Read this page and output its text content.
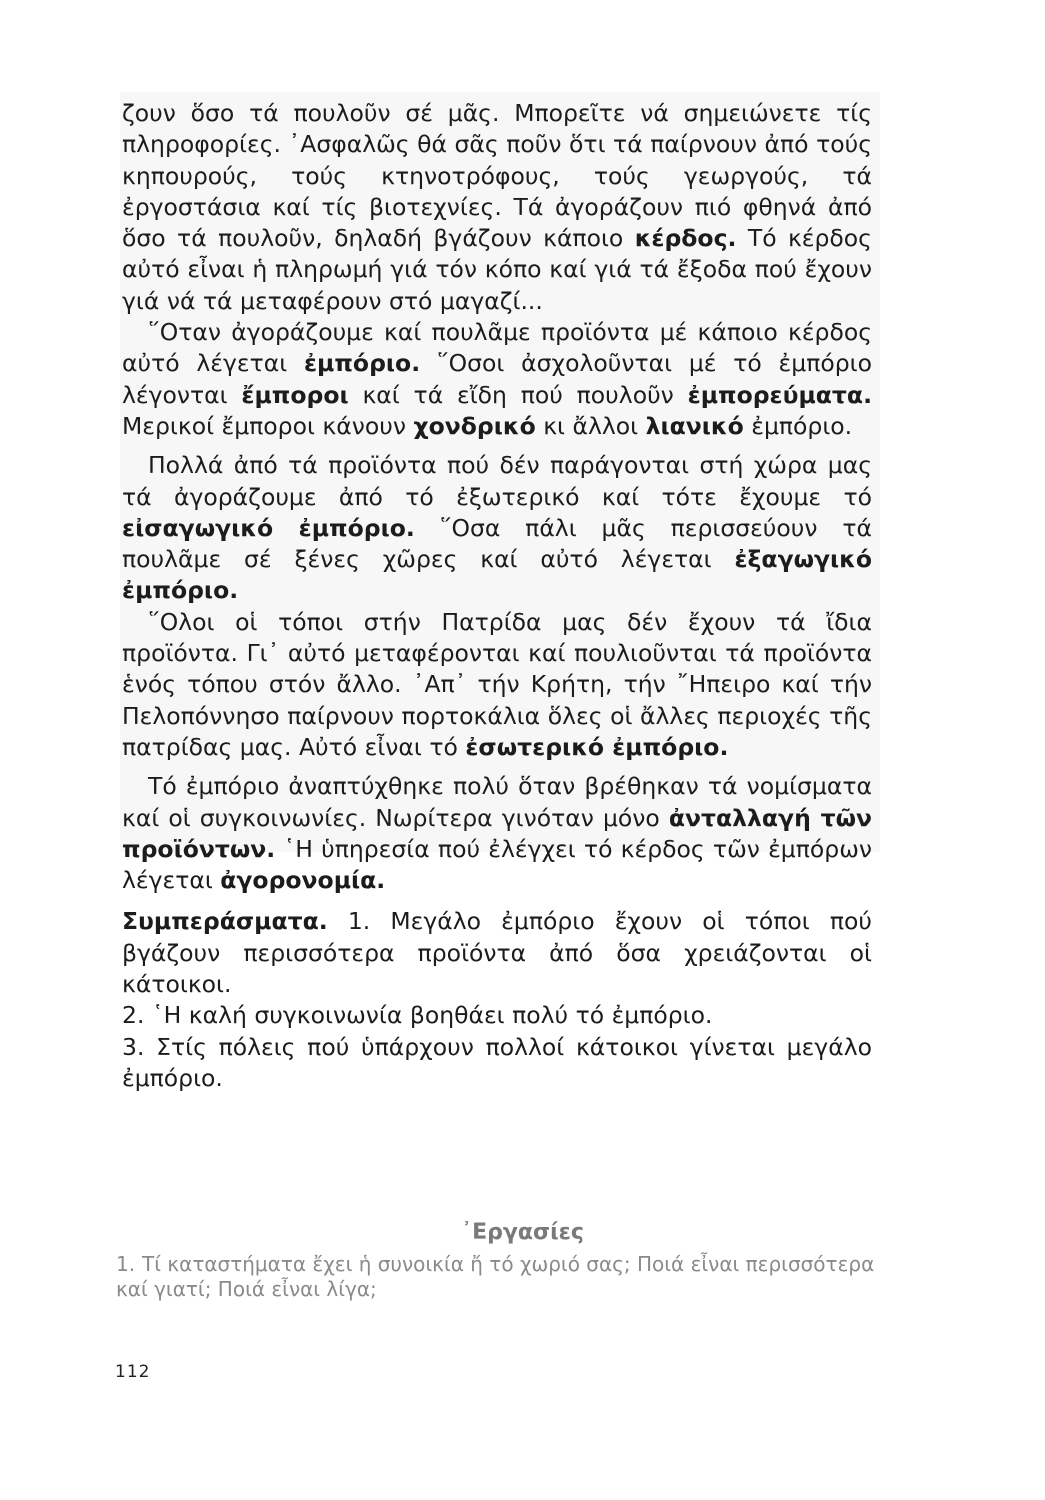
ζουν ὅσο τά πουλοῦν σέ μᾶς. Μπορεῖτε νά σημειώνετε τίς πληροφορίες. ᾿Ασφαλῶς θά σᾶς ποῦν ὅτι τά παίρνουν ἀπό τούς κηπουρούς, τούς κτηνοτρόφους, τούς γεωργούς, τά ἐργοστάσια καί τίς βιοτεχνίες. Τά ἀγοράζουν πιό φθηνά ἀπό ὅσο τά πουλοῦν, δηλαδή βγάζουν κάποιο κέρδος. Τό κέρδος αὐτό εἶναι ἡ πληρωμή γιά τόν κόπο καί γιά τά ἔξοδα πού ἔχουν γιά νά τά μεταφέρουν στό μαγαζί...

῞Οταν ἀγοράζουμε καί πουλᾶμε προϊόντα μέ κάποιο κέρδος αὐτό λέγεται ἐμπόριο. ῞Οσοι ἀσχολοῦνται μέ τό ἐμπόριο λέγονται ἔμποροι καί τά εἴδη πού πουλοῦν ἐμπορεύματα. Μερικοί ἔμποροι κάνουν χονδρικό κι ἄλλοι λιανικό ἐμπόριο.

Πολλά ἀπό τά προϊόντα πού δέν παράγονται στή χώρα μας τά ἀγοράζουμε ἀπό τό ἐξωτερικό καί τότε ἔχουμε τό εἰσαγωγικό ἐμπόριο. ῞Οσα πάλι μᾶς περισσεύουν τά πουλᾶμε σέ ξένες χῶρες καί αὐτό λέγεται ἐξαγωγικό ἐμπόριο.

῞Ολοι οἱ τόποι στήν Πατρίδα μας δέν ἔχουν τά ἴδια προϊόντα. Γι᾿ αὐτό μεταφέρονται καί πουλιοῦνται τά προϊόντα ἑνός τόπου στόν ἄλλο. ᾿Απ᾿ τήν Κρήτη, τήν ῎Ηπειρο καί τήν Πελοπόννησο παίρνουν πορτοκάλια ὅλες οἱ ἄλλες περιοχές τῆς πατρίδας μας. Αὐτό εἶναι τό ἐσωτερικό ἐμπόριο.

Τό ἐμπόριο ἀναπτύχθηκε πολύ ὅταν βρέθηκαν τά νομίσματα καί οἱ συγκοινωνίες. Νωρίτερα γινόταν μόνο ἀνταλλαγή τῶν προϊόντων. ῾Η ὑπηρεσία πού ἐλέγχει τό κέρδος τῶν ἐμπόρων λέγεται ἀγορονομία.

Συμπεράσματα. 1. Μεγάλο ἐμπόριο ἔχουν οἱ τόποι πού βγάζουν περισσότερα προϊόντα ἀπό ὅσα χρειάζονται οἱ κάτοικοι.
2. ῾Η καλή συγκοινωνία βοηθάει πολύ τό ἐμπόριο.
3. Στίς πόλεις πού ὑπάρχουν πολλοί κάτοικοι γίνεται μεγάλο ἐμπόριο.

᾿Εργασίες

1. Τί καταστήματα ἔχει ἡ συνοικία ἤ τό χωριό σας; Ποιά εἶναι περισσότερα καί γιατί; Ποιά εἶναι λίγα;

112
